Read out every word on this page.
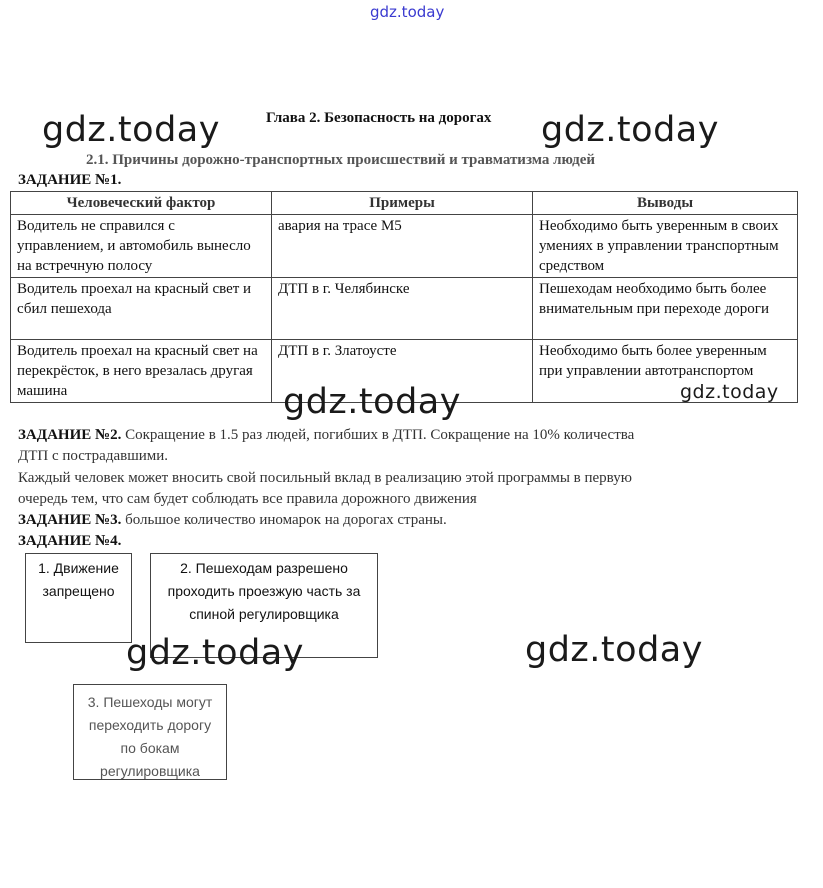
gdz.today
Глава 2. Безопасность на дорогах
gdz.today	gdz.today
2.1. Причины дорожно-транспортных происшествий и травматизма людей
ЗАДАНИЕ №1.
Человеческий фактор	Примеры	Выводы
Водитель не справился с управлением, и автомобиль вынесло на встречную полосу	авария на трасе М5	Необходимо быть уверенным в своих умениях в управлении транспортным средством
Водитель проехал на красный свет и сбил пешехода	ДТП в г. Челябинске	Пешеходам необходимо быть более внимательным при переходе дороги
Водитель проехал на красный свет на перекрёсток, в него врезалась другая машина	ДТП в г. Златоусте	Необходимо быть более уверенным при управлении автотранспортом
gdz.today
gdz.today
ЗАДАНИЕ №2. Сокращение в 1.5 раз людей, погибших в ДТП. Сокращение на 10% количества
ДТП с пострадавшими.
Каждый человек может вносить свой посильный вклад в реализацию этой программы в первую
очередь тем, что сам будет соблюдать все правила дорожного движения
ЗАДАНИЕ №3. большое количество иномарок на дорогах страны.
ЗАДАНИЕ №4.
1. Движение запрещено
2. Пешеходам разрешено проходить проезжую часть за спиной регулировщика
gdz.today	gdz.today
3. Пешеходы могут переходить дорогу по бокам регулировщика
